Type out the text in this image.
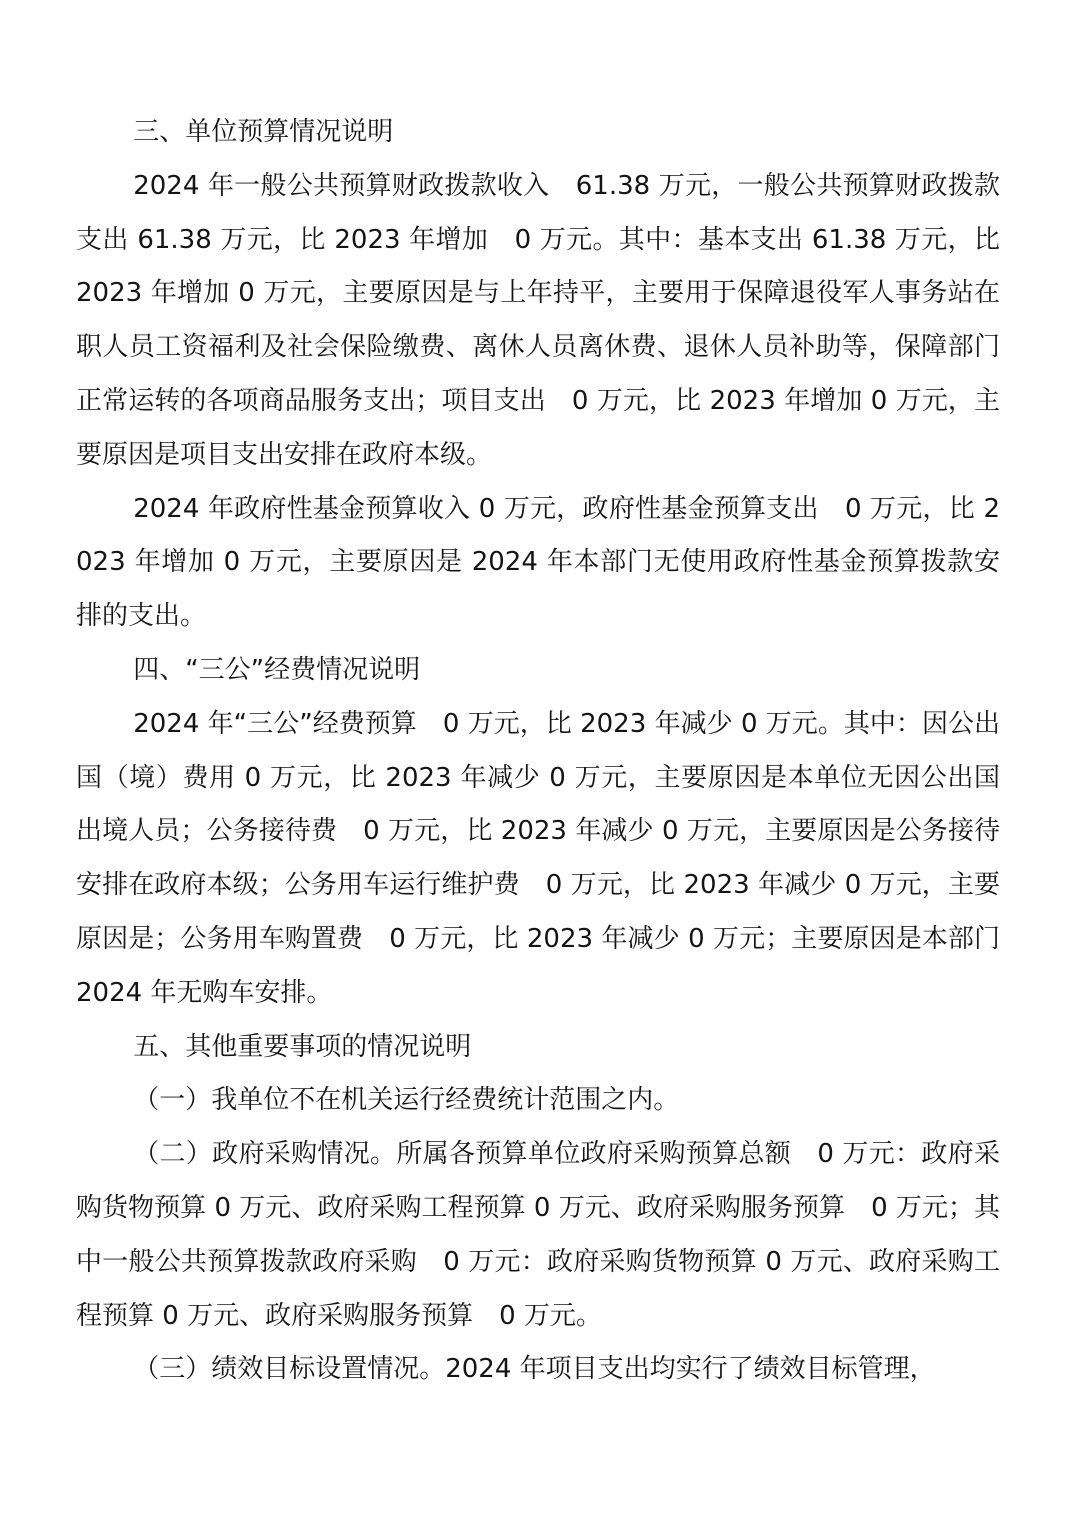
三、单位预算情况说明

2024 年一般公共预算财政拨款收入　61.38 万元，一般公共预算财政拨款支出 61.38 万元，比 2023 年增加　0 万元。其中：基本支出 61.38 万元，比 2023 年增加 0 万元，主要原因是与上年持平，主要用于保障退役军人事务站在职人员工资福利及社会保险缴费、离休人员离休费、退休人员补助等，保障部门正常运转的各项商品服务支出；项目支出　0 万元，比 2023 年增加 0 万元，主要原因是项目支出安排在政府本级。

2024 年政府性基金预算收入 0 万元，政府性基金预算支出　0 万元，比 2023 年增加 0 万元，主要原因是 2024 年本部门无使用政府性基金预算拨款安排的支出。

四、“三公”经费情况说明

2024 年“三公”经费预算　0 万元，比 2023 年减少 0 万元。其中：因公出国（境）费用 0 万元，比 2023 年减少 0 万元，主要原因是本单位无因公出国出境人员；公务接待费　0 万元，比 2023 年减少 0 万元，主要原因是公务接待安排在政府本级；公务用车运行维护费　0 万元，比 2023 年减少 0 万元，主要原因是；公务用车购置费　0 万元，比 2023 年减少 0 万元；主要原因是本部门 2024 年无购车安排。

五、其他重要事项的情况说明

（一）我单位不在机关运行经费统计范围之内。

（二）政府采购情况。所属各预算单位政府采购预算总额　0 万元：政府采购货物预算 0 万元、政府采购工程预算 0 万元、政府采购服务预算　0 万元；其中一般公共预算拨款政府采购　0 万元：政府采购货物预算 0 万元、政府采购工程预算 0 万元、政府采购服务预算　0 万元。

（三）绩效目标设置情况。2024 年项目支出均实行了绩效目标管理，
